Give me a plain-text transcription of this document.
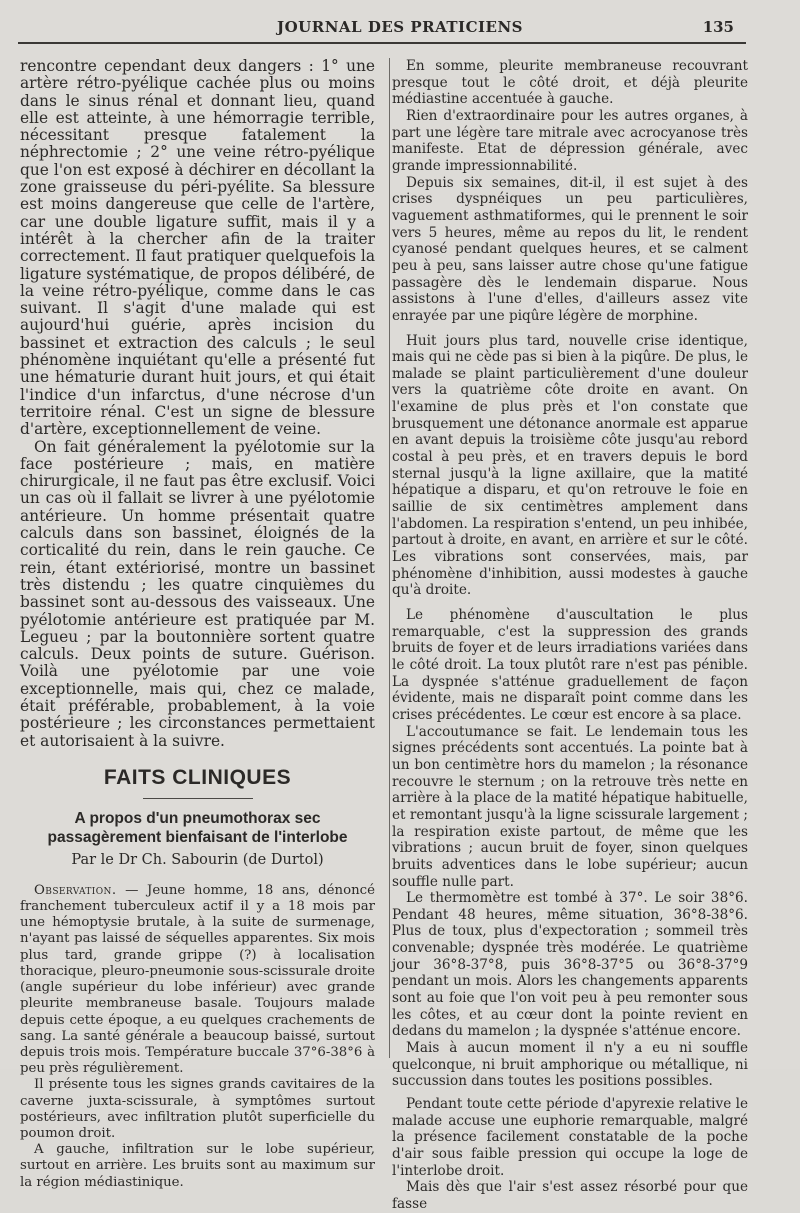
JOURNAL DES PRATICIENS	135

rencontre cependant deux dangers : 1° une artère rétro-pyélique cachée plus ou moins dans le sinus rénal et donnant lieu, quand elle est atteinte, à une hémorragie terrible, nécessitant presque fatalement la néphrectomie ; 2° une veine rétro-pyélique que l'on est exposé à déchirer en décollant la zone graisseuse du péri-pyélite. Sa blessure est moins dangereuse que celle de l'artère, car une double ligature suffit, mais il y a intérêt à la chercher afin de la traiter correctement. Il faut pratiquer quelquefois la ligature systématique, de propos délibéré, de la veine rétro-pyélique, comme dans le cas suivant. Il s'agit d'une malade qui est aujourd'hui guérie, après incision du bassinet et extraction des calculs ; le seul phénomène inquiétant qu'elle a présenté fut une hématurie durant huit jours, et qui était l'indice d'un infarctus, d'une nécrose d'un territoire rénal. C'est un signe de blessure d'artère, exceptionnellement de veine.

On fait généralement la pyélotomie sur la face postérieure ; mais, en matière chirurgicale, il ne faut pas être exclusif. Voici un cas où il fallait se livrer à une pyélotomie antérieure. Un homme présentait quatre calculs dans son bassinet, éloignés de la corticalité du rein, dans le rein gauche. Ce rein, étant extériorisé, montre un bassinet très distendu ; les quatre cinquièmes du bassinet sont au-dessous des vaisseaux. Une pyélotomie antérieure est pratiquée par M. Legueu ; par la boutonnière sortent quatre calculs. Deux points de suture. Guérison. Voilà une pyélotomie par une voie exceptionnelle, mais qui, chez ce malade, était préférable, probablement, à la voie postérieure ; les circonstances permettaient et autorisaient à la suivre.

FAITS CLINIQUES
A propos d'un pneumothorax sec passagèrement bienfaisant de l'interlobe
Par le Dr Ch. Sabourin (de Durtol)

Observation. — Jeune homme, 18 ans, dénoncé franchement tuberculeux actif il y a 18 mois par une hémoptysie brutale, à la suite de surmenage, n'ayant pas laissé de séquelles apparentes. Six mois plus tard, grande grippe (?) à localisation thoracique, pleuro-pneumonie sous-scissurale droite (angle supérieur du lobe inférieur) avec grande pleurite membraneuse basale. Toujours malade depuis cette époque, a eu quelques crachements de sang. La santé générale a beaucoup baissé, surtout depuis trois mois. Température buccale 37°6-38°6 à peu près régulièrement.

Il présente tous les signes grands cavitaires de la caverne juxta-scissurale, à symptômes surtout postérieurs, avec infiltration plutôt superficielle du poumon droit.

A gauche, infiltration sur le lobe supérieur, surtout en arrière. Les bruits sont au maximum sur la région médiastinique.

En somme, pleurite membraneuse recouvrant presque tout le côté droit, et déjà pleurite médiastine accentuée à gauche.

Rien d'extraordinaire pour les autres organes, à part une légère tare mitrale avec acrocyanose très manifeste. Etat de dépression générale, avec grande impressionnabilité.

Depuis six semaines, dit-il, il est sujet à des crises dyspnéiques un peu particulières, vaguement asthmatiformes, qui le prennent le soir vers 5 heures, même au repos du lit, le rendent cyanosé pendant quelques heures, et se calment peu à peu, sans laisser autre chose qu'une fatigue passagère dès le lendemain disparue. Nous assistons à l'une d'elles, d'ailleurs assez vite enrayée par une piqûre légère de morphine.

Huit jours plus tard, nouvelle crise identique, mais qui ne cède pas si bien à la piqûre. De plus, le malade se plaint particulièrement d'une douleur vers la quatrième côte droite en avant. On l'examine de plus près et l'on constate que brusquement une détonance anormale est apparue en avant depuis la troisième côte jusqu'au rebord costal à peu près, et en travers depuis le bord sternal jusqu'à la ligne axillaire, que la matité hépatique a disparu, et qu'on retrouve le foie en saillie de six centimètres amplement dans l'abdomen. La respiration s'entend, un peu inhibée, partout à droite, en avant, en arrière et sur le côté. Les vibrations sont conservées, mais, par phénomène d'inhibition, aussi modestes à gauche qu'à droite.

Le phénomène d'auscultation le plus remarquable, c'est la suppression des grands bruits de foyer et de leurs irradiations variées dans le côté droit. La toux plutôt rare n'est pas pénible. La dyspnée s'atténue graduellement de façon évidente, mais ne disparaît point comme dans les crises précédentes. Le cœur est encore à sa place.

L'accoutumance se fait. Le lendemain tous les signes précédents sont accentués. La pointe bat à un bon centimètre hors du mamelon ; la résonance recouvre le sternum ; on la retrouve très nette en arrière à la place de la matité hépatique habituelle, et remontant jusqu'à la ligne scissurale largement ; la respiration existe partout, de même que les vibrations ; aucun bruit de foyer, sinon quelques bruits adventices dans le lobe supérieur; aucun souffle nulle part.

Le thermomètre est tombé à 37°. Le soir 38°6. Pendant 48 heures, même situation, 36°8-38°6. Plus de toux, plus d'expectoration ; sommeil très convenable; dyspnée très modérée. Le quatrième jour 36°8-37°8, puis 36°8-37°5 ou 36°8-37°9 pendant un mois. Alors les changements apparents sont au foie que l'on voit peu à peu remonter sous les côtes, et au cœur dont la pointe revient en dedans du mamelon ; la dyspnée s'atténue encore.

Mais à aucun moment il n'y a eu ni souffle quelconque, ni bruit amphorique ou métallique, ni succussion dans toutes les positions possibles.

Pendant toute cette période d'apyrexie relative le malade accuse une euphorie remarquable, malgré la présence facilement constatable de la poche d'air sous faible pression qui occupe la loge de l'interlobe droit.

Mais dès que l'air s'est assez résorbé pour que fasse
